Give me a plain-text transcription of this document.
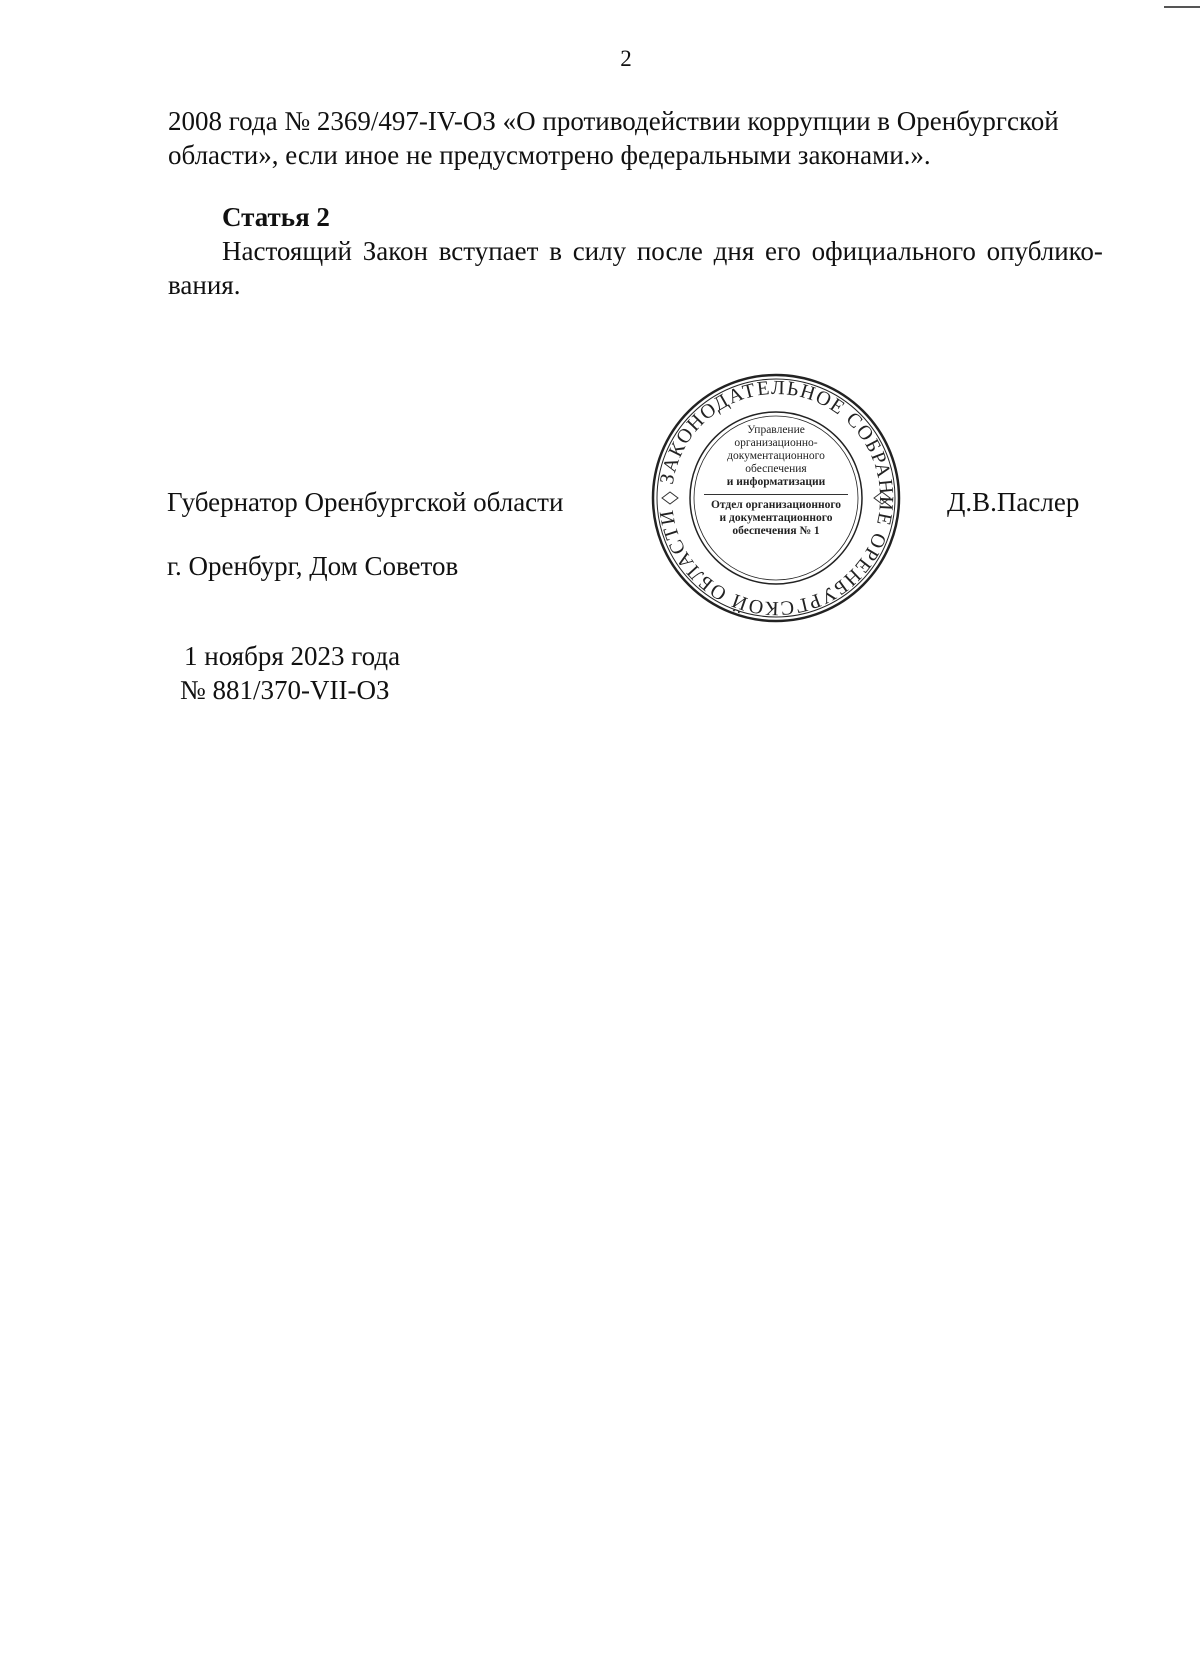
2
2008 года № 2369/497-IV-ОЗ «О противодействии коррупции в Оренбургской
области», если иное не предусмотрено федеральными законами.».
Статья 2
Настоящий Закон вступает в силу после дня его официального опублико-
вания.
Губернатор Оренбургской области	Д.В.Паслер
г. Оренбург, Дом Советов
1 ноября 2023 года
№ 881/370-VII-ОЗ
ЗАКОНОДАТЕЛЬНОЕ СОБРАНИЕ ОРЕНБУРГСКОЙ ОБЛАСТИ
Управление
организационно-
документационного
обеспечения
и информатизации
Отдел организационного
и документационного
обеспечения № 1
